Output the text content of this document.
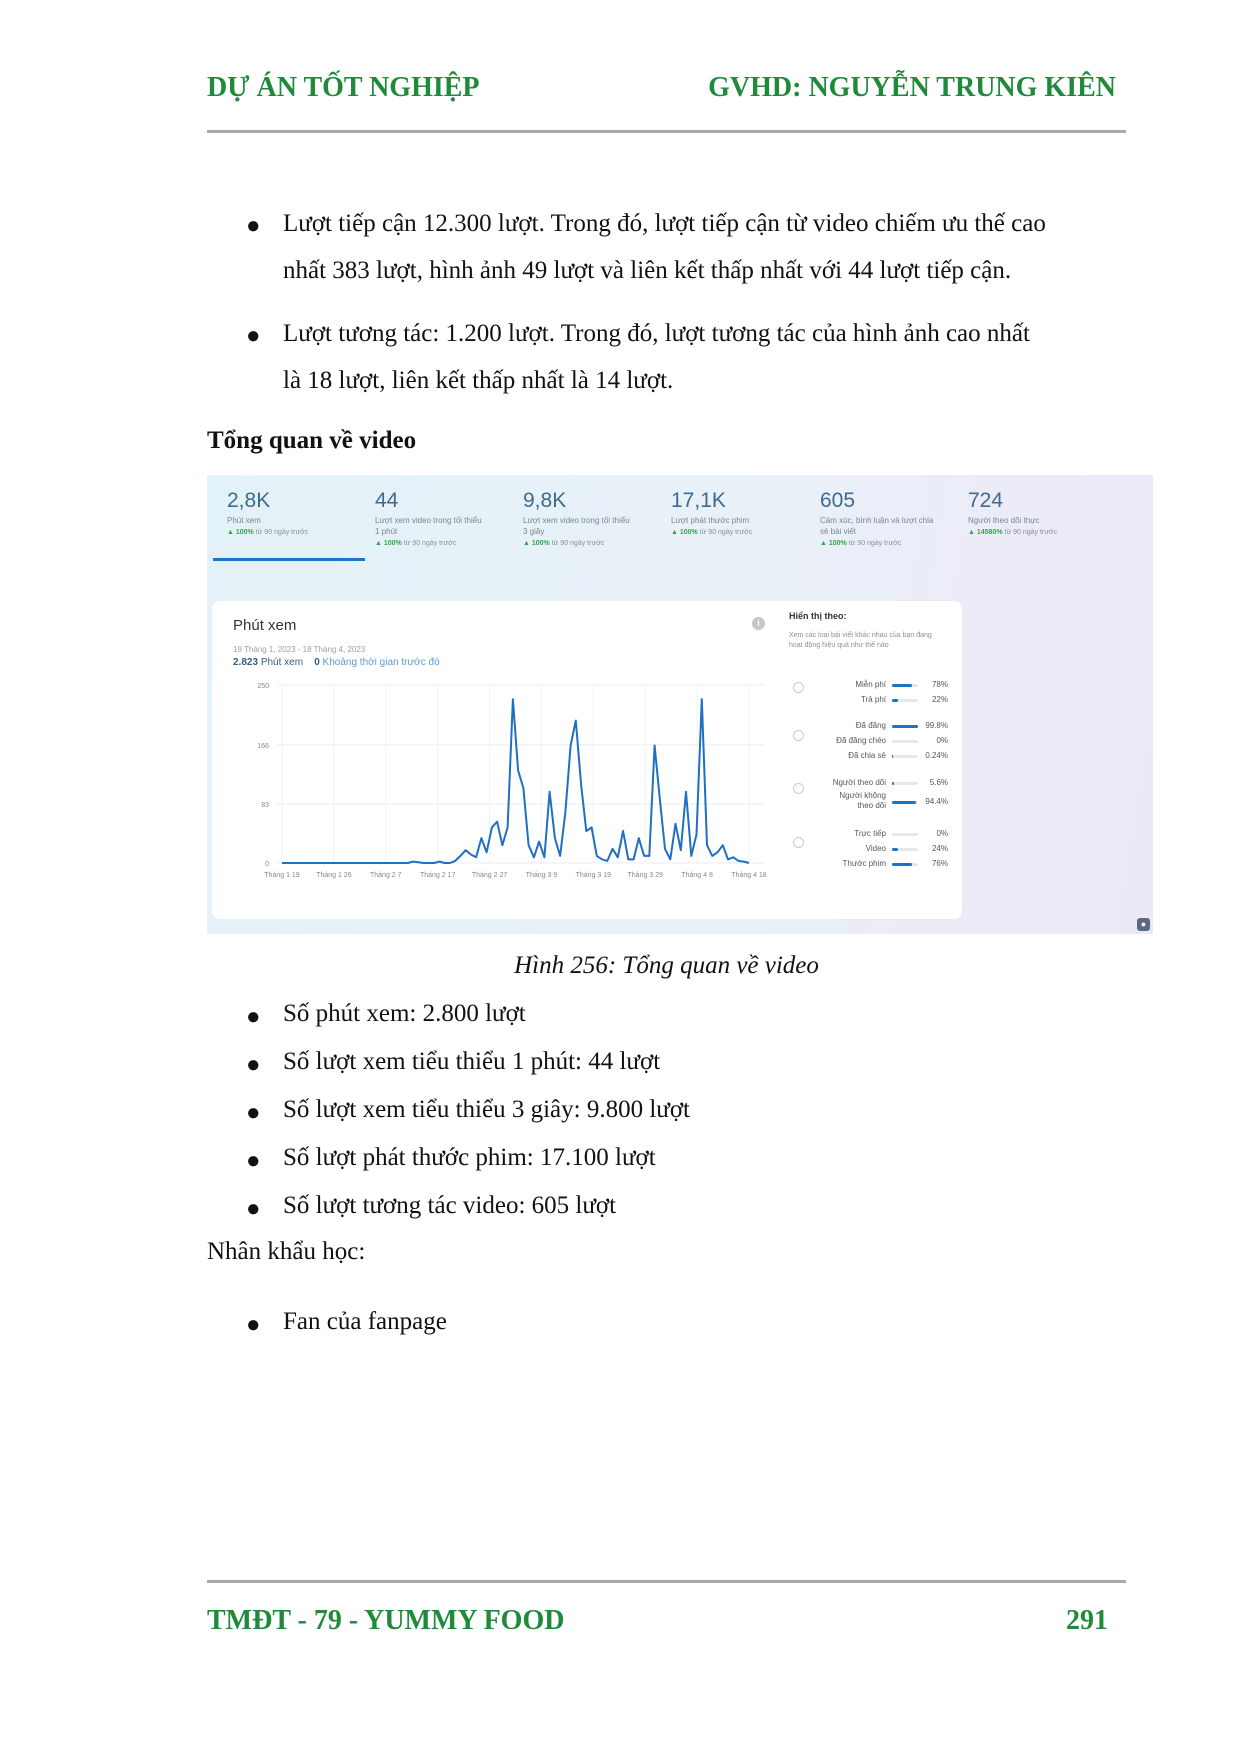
DỰ ÁN TỐT NGHIỆP	GVHD: NGUYỄN TRUNG KIÊN
● Lượt tiếp cận 12.300 lượt. Trong đó, lượt tiếp cận từ video chiếm ưu thế cao
nhất 383 lượt, hình ảnh 49 lượt và liên kết thấp nhất với 44 lượt tiếp cận.
● Lượt tương tác: 1.200 lượt. Trong đó, lượt tương tác của hình ảnh cao nhất
là 18 lượt, liên kết thấp nhất là 14 lượt.
Tổng quan về video
2,8K
Phút xem
▲ 100% từ 90 ngày trước
44
Lượt xem video trong tối thiểu 1 phút
▲ 100% từ 90 ngày trước
9,8K
Lượt xem video trong tối thiểu 3 giây
▲ 100% từ 90 ngày trước
17,1K
Lượt phát thước phim
▲ 100% từ 90 ngày trước
605
Cảm xúc, bình luận và lượt chia sẻ bài viết
▲ 100% từ 90 ngày trước
724
Người theo dõi thực
▲ 14580% từ 90 ngày trước
Phút xem	i
19 Tháng 1, 2023 - 18 Tháng 4, 2023
2.823 Phút xem 0 Khoảng thời gian trước đó
250
166
83
0
Tháng 1 19 Tháng 1 26	Tháng 2 7	Tháng 2 17 Tháng 2 27	Tháng 3 9	Tháng 3 19 Tháng 3 29	Tháng 4 8	Tháng 4 18
Hiển thị theo:
Xem các loại bài viết khác nhau của bạn đang hoạt động hiệu quả như thế nào
Miễn phí	78%
Trả phí	22%
Đã đăng	99.8%
Đã đăng chéo	0%
Đã chia sẻ	0.24%
Người theo dõi	5.6%
Người không theo dõi	94.4%
Trực tiếp	0%
Video	24%
Thước phim	76%
●
Hình 256: Tổng quan về video
● Số phút xem: 2.800 lượt
● Số lượt xem tiểu thiểu 1 phút: 44 lượt
● Số lượt xem tiểu thiểu 3 giây: 9.800 lượt
● Số lượt phát thước phim: 17.100 lượt
● Số lượt tương tác video: 605 lượt
Nhân khẩu học:
● Fan của fanpage
TMĐT - 79 - YUMMY FOOD	291
